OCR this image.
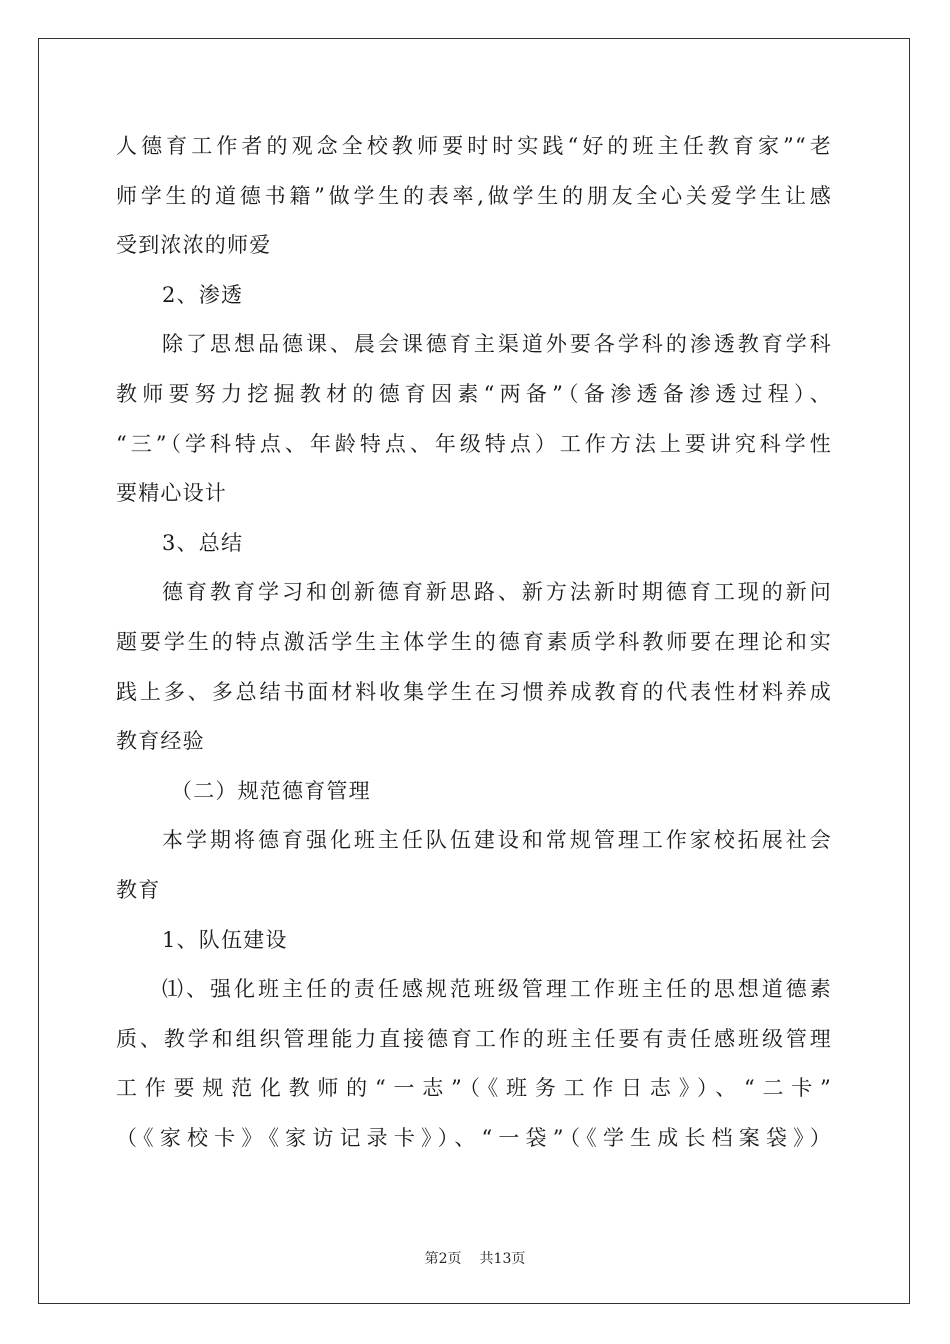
人德育工作者的观念全校教师要时时实践“好的班主任教育家”“老
师学生的道德书籍”做学生的表率,做学生的朋友全心关爱学生让感
受到浓浓的师爱
2、渗透
除了思想品德课、晨会课德育主渠道外要各学科的渗透教育学科
教师要努力挖掘教材的德育因素“两备”（备渗透备渗透过程）、
“三”（学科特点、年龄特点、年级特点）工作方法上要讲究科学性
要精心设计
3、总结
德育教育学习和创新德育新思路、新方法新时期德育工现的新问
题要学生的特点激活学生主体学生的德育素质学科教师要在理论和实
践上多、多总结书面材料收集学生在习惯养成教育的代表性材料养成
教育经验
（二）规范德育管理
本学期将德育强化班主任队伍建设和常规管理工作家校拓展社会
教育
1、队伍建设
⑴、强化班主任的责任感规范班级管理工作班主任的思想道德素
质、教学和组织管理能力直接德育工作的班主任要有责任感班级管理
工作要规范化教师的“一志”（《班务工作日志》）、“二卡”
（《家校卡》《家访记录卡》）、“一袋”（《学生成长档案袋》）
第2页 共13页
